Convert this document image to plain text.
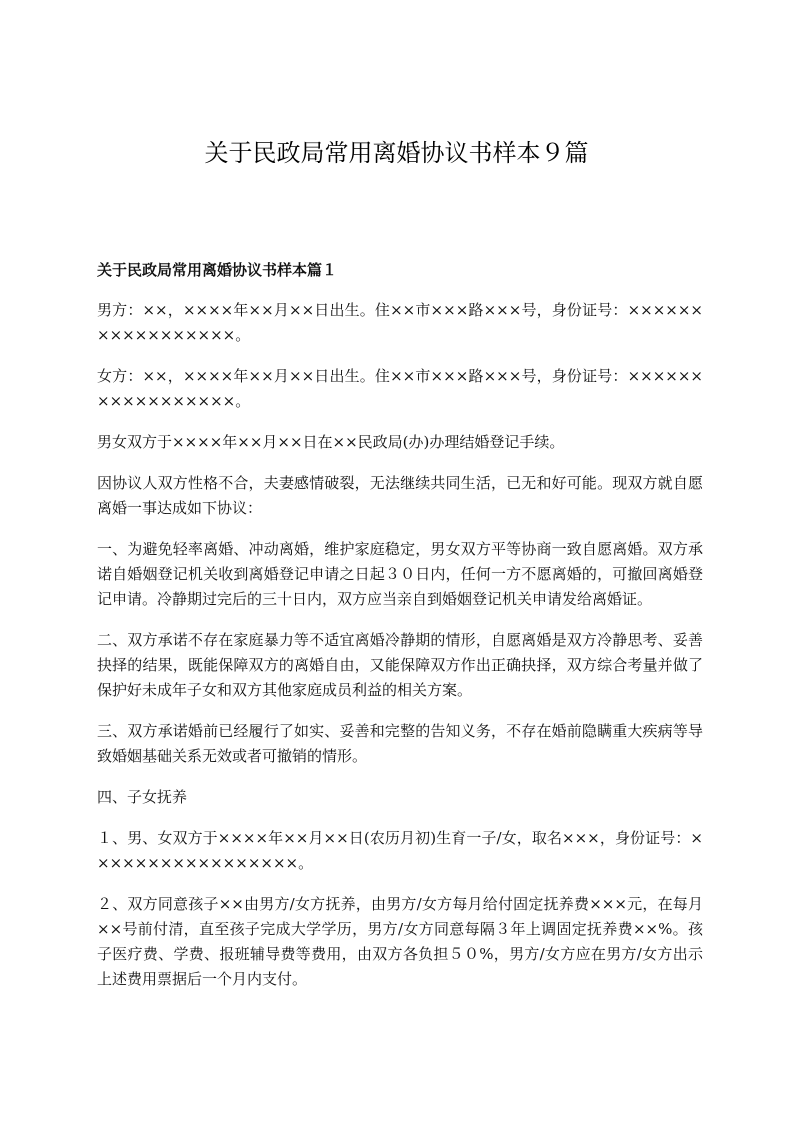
关于民政局常用离婚协议书样本９篇
关于民政局常用离婚协议书样本篇１

男方：××，××××年××月××日出生。住××市×××路×××号，身份证号：×××××××××××××××××。

女方：××，××××年××月××日出生。住××市×××路×××号，身份证号：×××××××××××××××××。

男女双方于××××年××月××日在××民政局(办)办理结婚登记手续。

因协议人双方性格不合，夫妻感情破裂，无法继续共同生活，已无和好可能。现双方就自愿离婚一事达成如下协议：

一、为避免轻率离婚、冲动离婚，维护家庭稳定，男女双方平等协商一致自愿离婚。双方承诺自婚姻登记机关收到离婚登记申请之日起３０日内，任何一方不愿离婚的，可撤回离婚登记申请。冷静期过完后的三十日内，双方应当亲自到婚姻登记机关申请发给离婚证。

二、双方承诺不存在家庭暴力等不适宜离婚冷静期的情形，自愿离婚是双方冷静思考、妥善抉择的结果，既能保障双方的离婚自由，又能保障双方作出正确抉择，双方综合考量并做了保护好未成年子女和双方其他家庭成员利益的相关方案。

三、双方承诺婚前已经履行了如实、妥善和完整的告知义务，不存在婚前隐瞒重大疾病等导致婚姻基础关系无效或者可撤销的情形。

四、子女抚养

１、男、女双方于××××年××月××日(农历月初)生育一子/女，取名×××，身份证号：×××××××××××××××××。

２、双方同意孩子××由男方/女方抚养，由男方/女方每月给付固定抚养费×××元，在每月××号前付清，直至孩子完成大学学历，男方/女方同意每隔３年上调固定抚养费××%。孩子医疗费、学费、报班辅导费等费用，由双方各负担５０%，男方/女方应在男方/女方出示上述费用票据后一个月内支付。
